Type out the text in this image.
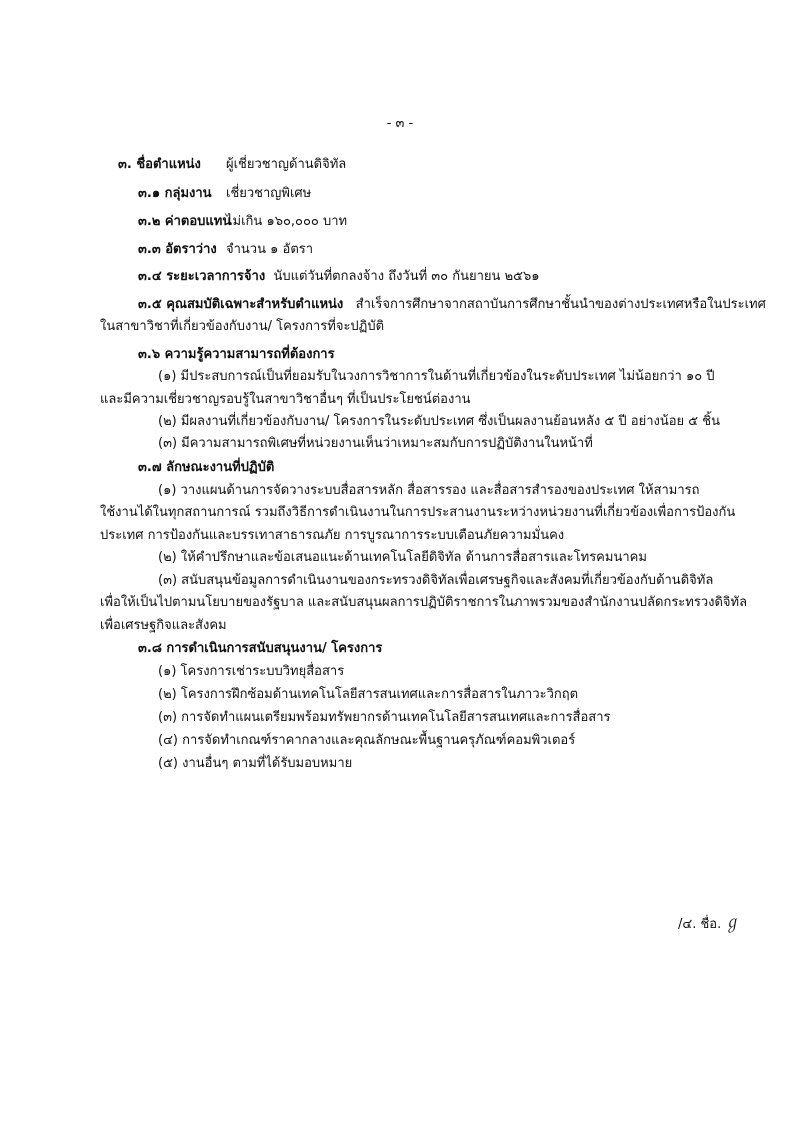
- ๓ -
๓. ชื่อตำแหน่ง ผู้เชี่ยวชาญด้านดิจิทัล
๓.๑ กลุ่มงาน เชี่ยวชาญพิเศษ
๓.๒ ค่าตอบแทนไม่เกิน ๑๖๐,๐๐๐ บาท
๓.๓ อัตราว่าง จำนวน ๑ อัตรา
๓.๔ ระยะเวลาการจ้าง นับแต่วันที่ตกลงจ้าง ถึงวันที่ ๓๐ กันยายน ๒๕๖๑
๓.๕ คุณสมบัติเฉพาะสำหรับตำแหน่ง สำเร็จการศึกษาจากสถาบันการศึกษาชั้นนำของต่างประเทศหรือในประเทศ
ในสาขาวิชาที่เกี่ยวข้องกับงาน/ โครงการที่จะปฏิบัติ
๓.๖ ความรู้ความสามารถที่ต้องการ
(๑) มีประสบการณ์เป็นที่ยอมรับในวงการวิชาการในด้านที่เกี่ยวข้องในระดับประเทศ ไม่น้อยกว่า ๑๐ ปี
และมีความเชี่ยวชาญรอบรู้ในสาขาวิชาอื่นๆ ที่เป็นประโยชน์ต่องาน
(๒) มีผลงานที่เกี่ยวข้องกับงาน/ โครงการในระดับประเทศ ซึ่งเป็นผลงานย้อนหลัง ๕ ปี อย่างน้อย ๕ ชิ้น
(๓) มีความสามารถพิเศษที่หน่วยงานเห็นว่าเหมาะสมกับการปฏิบัติงานในหน้าที่
๓.๗ ลักษณะงานที่ปฏิบัติ
(๑) วางแผนด้านการจัดวางระบบสื่อสารหลัก สื่อสารรอง และสื่อสารสำรองของประเทศ ให้สามารถ
ใช้งานได้ในทุกสถานการณ์ รวมถึงวิธีการดำเนินงานในการประสานงานระหว่างหน่วยงานที่เกี่ยวข้องเพื่อการป้องกัน
ประเทศ การป้องกันและบรรเทาสาธารณภัย การบูรณาการระบบเตือนภัยความมั่นคง
(๒) ให้คำปรึกษาและข้อเสนอแนะด้านเทคโนโลยีดิจิทัล ด้านการสื่อสารและโทรคมนาคม
(๓) สนับสนุนข้อมูลการดำเนินงานของกระทรวงดิจิทัลเพื่อเศรษฐกิจและสังคมที่เกี่ยวข้องกับด้านดิจิทัล
เพื่อให้เป็นไปตามนโยบายของรัฐบาล และสนับสนุนผลการปฏิบัติราชการในภาพรวมของสำนักงานปลัดกระทรวงดิจิทัล
เพื่อเศรษฐกิจและสังคม
๓.๘ การดำเนินการสนับสนุนงาน/ โครงการ
(๑) โครงการเช่าระบบวิทยุสื่อสาร
(๒) โครงการฝึกซ้อมด้านเทคโนโลยีสารสนเทศและการสื่อสารในภาวะวิกฤต
(๓) การจัดทำแผนเตรียมพร้อมทรัพยากรด้านเทคโนโลยีสารสนเทศและการสื่อสาร
(๔) การจัดทำเกณฑ์ราคากลางและคุณลักษณะพื้นฐานครุภัณฑ์คอมพิวเตอร์
(๕) งานอื่นๆ ตามที่ได้รับมอบหมาย
/๔. ชื่อ.ℊ
